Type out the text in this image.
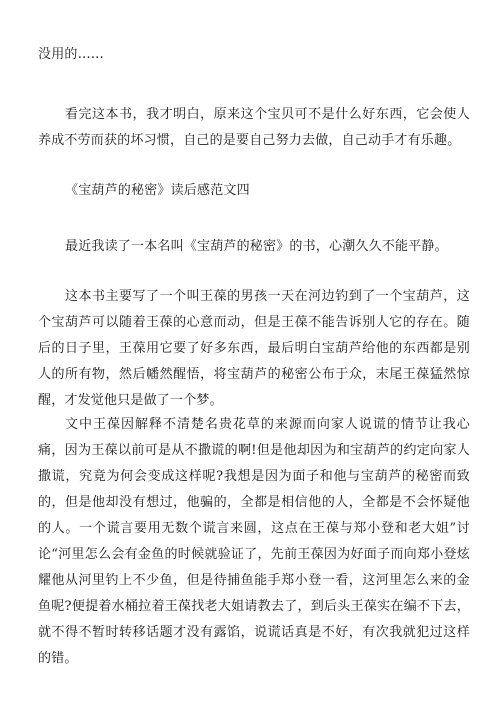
没用的……

看完这本书，我才明白，原来这个宝贝可不是什么好东西，它会使人养成不劳而获的坏习惯，自己的是要自己努力去做，自己动手才有乐趣。

《宝葫芦的秘密》读后感范文四

最近我读了一本名叫《宝葫芦的秘密》的书，心潮久久不能平静。

这本书主要写了一个叫王葆的男孩一天在河边钓到了一个宝葫芦，这个宝葫芦可以随着王葆的心意而动，但是王葆不能告诉别人它的存在。随后的日子里，王葆用它要了好多东西，最后明白宝葫芦给他的东西都是别人的所有物，然后幡然醒悟，将宝葫芦的秘密公布于众，末尾王葆猛然惊醒，才发觉他只是做了一个梦。

文中王葆因解释不清楚名贵花草的来源而向家人说谎的情节让我心痛，因为王葆以前可是从不撒谎的啊!但是他却因为和宝葫芦的约定向家人撒谎，究竟为何会变成这样呢?我想是因为面子和他与宝葫芦的秘密而致的，但是他却没有想过，他骗的，全都是相信他的人，全都是不会怀疑他的人。一个谎言要用无数个谎言来圆，这点在王葆与郑小登和老大姐”讨论“河里怎么会有金鱼的时候就验证了，先前王葆因为好面子而向郑小登炫耀他从河里钓上不少鱼，但是待捕鱼能手郑小登一看，这河里怎么来的金鱼呢?便提着水桶拉着王葆找老大姐请教去了，到后头王葆实在编不下去，就不得不暂时转移话题才没有露馅，说谎话真是不好，有次我就犯过这样的错。
